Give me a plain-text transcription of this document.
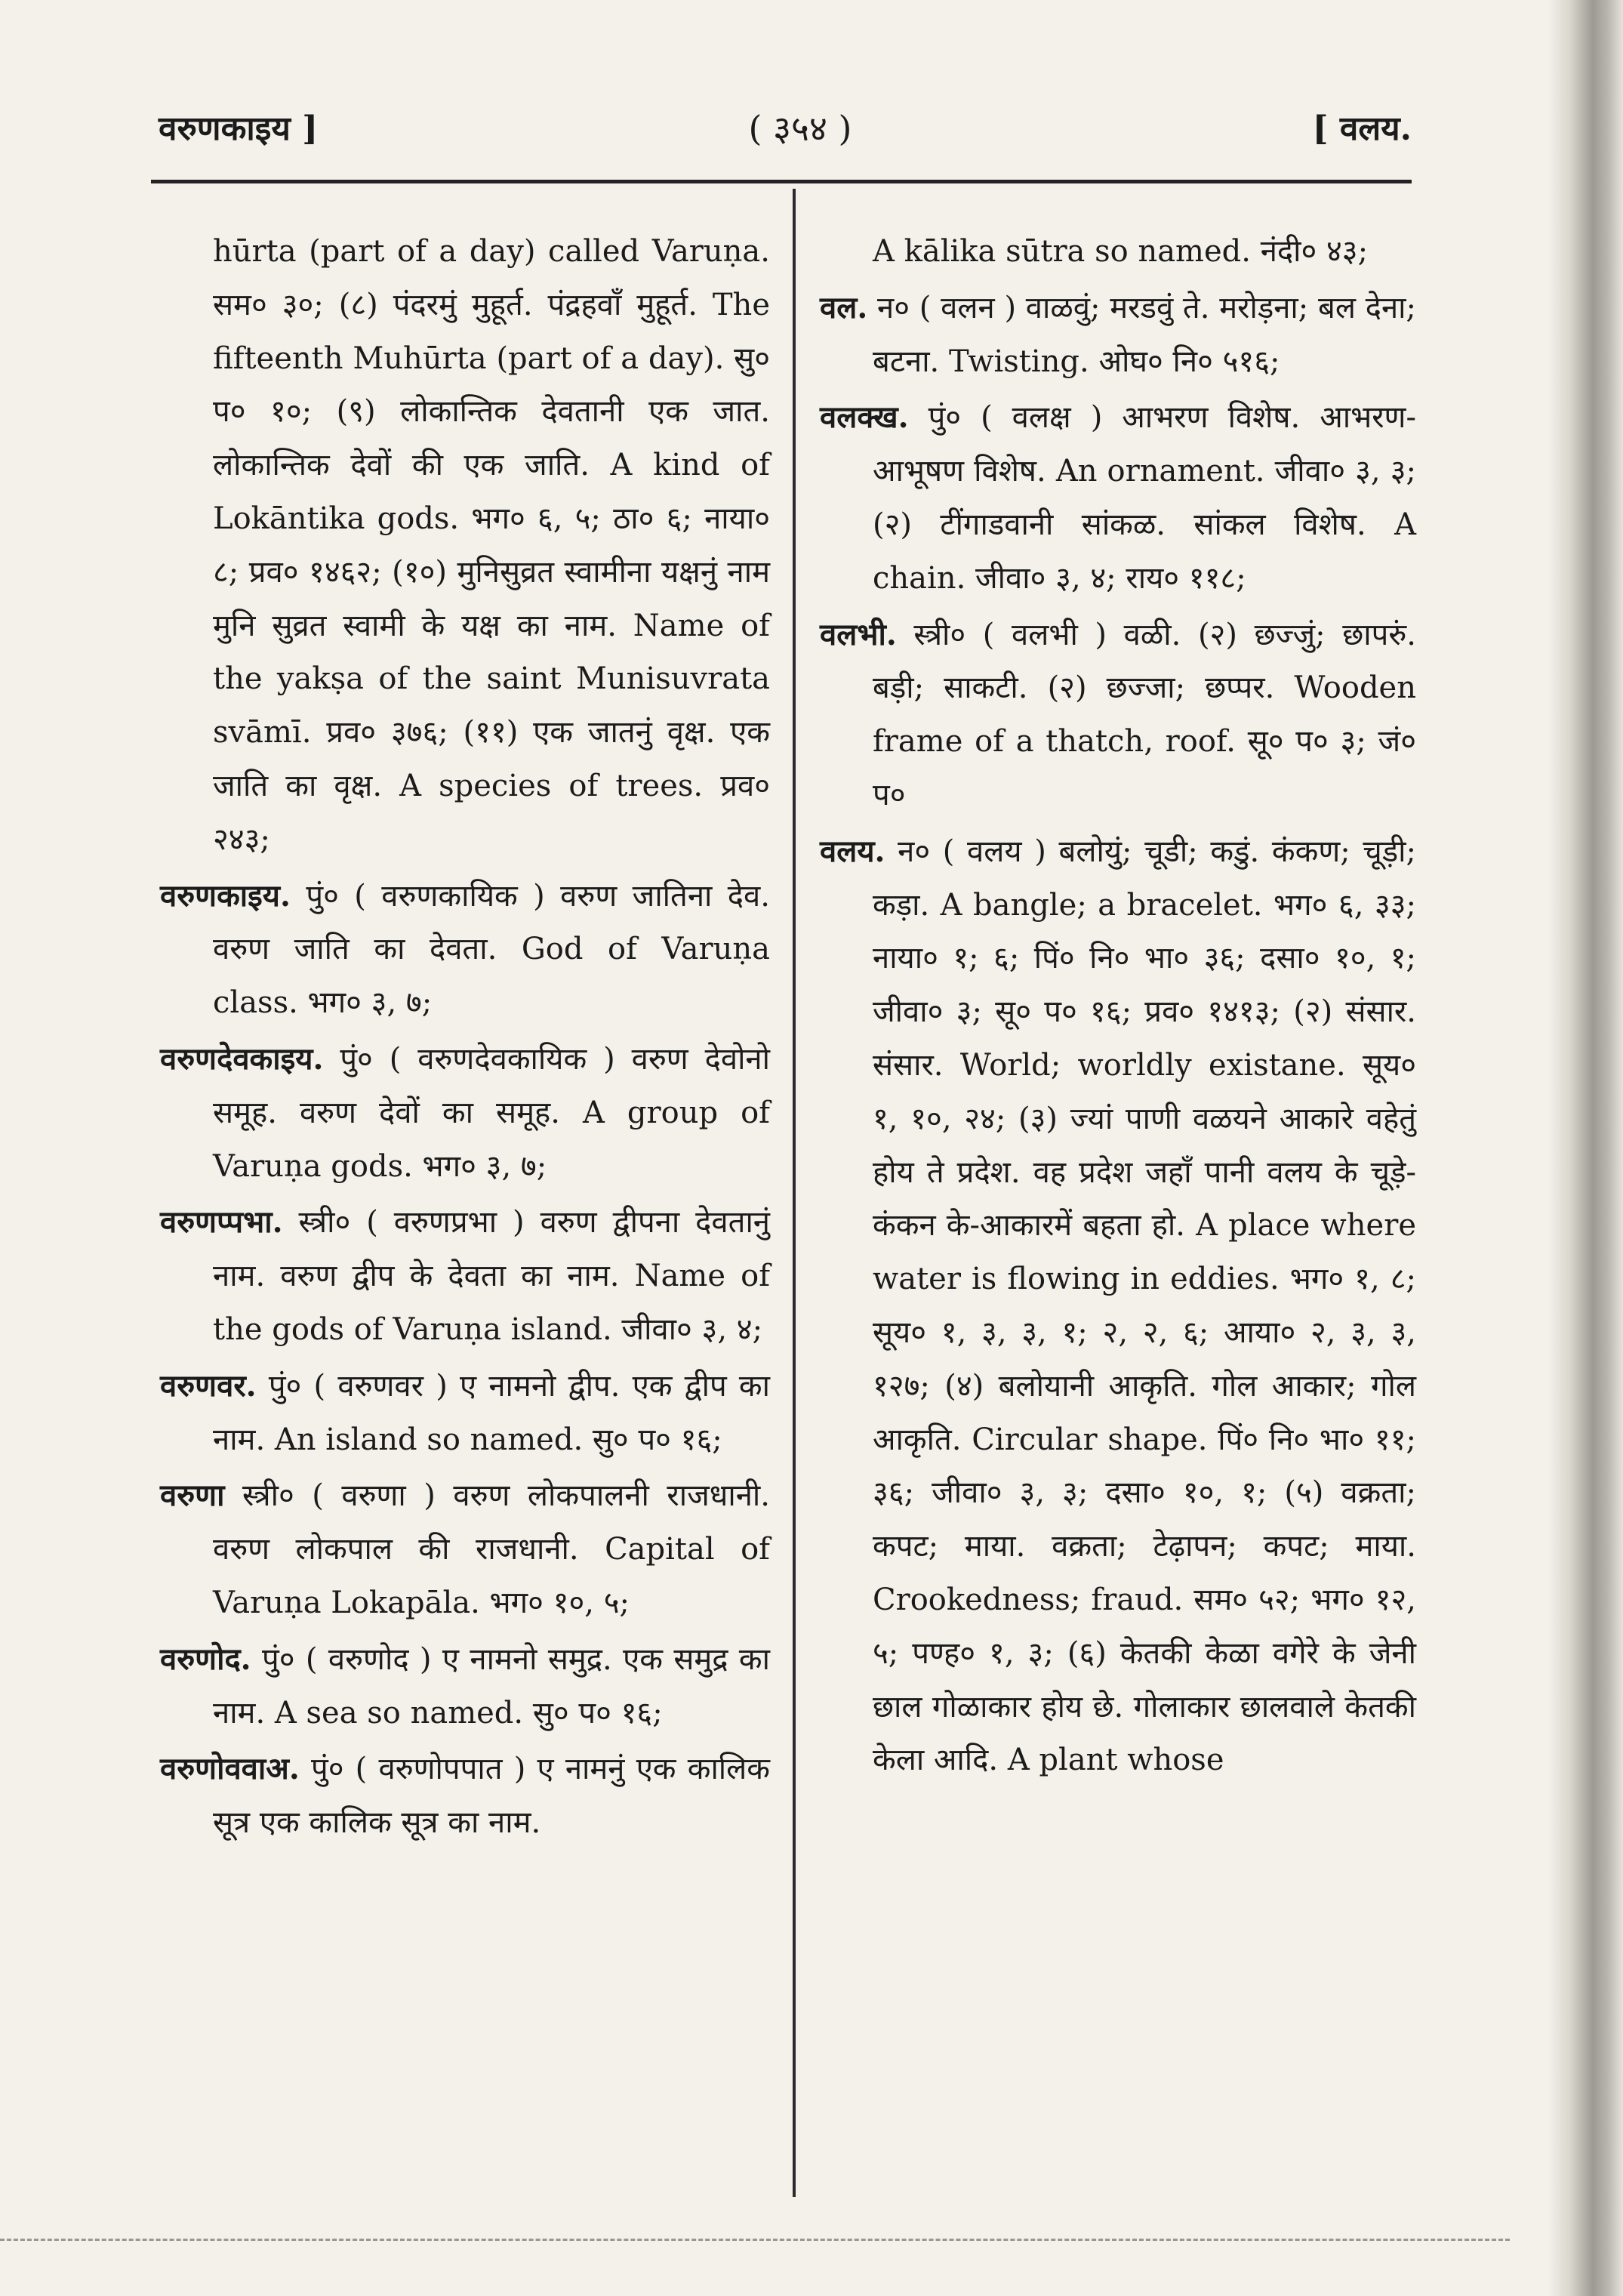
वरुणकाइय ]	( ३५४ )	[ वलय.

hūrta (part of a day) called Varuṇa. सम० ३०; (८) पंदरमुं मुहूर्त. पंद्रहवाँ मुहूर्त. The fifteenth Muhūrta (part of a day). सु० प० १०; (९) लोकान्तिक देवतानी एक जात. लोकान्तिक देवों की एक जाति. A kind of Lokāntika gods. भग० ६, ५; ठा० ६; नाया० ८; प्रव० १४६२; (१०) मुनिसुव्रत स्वामीना यक्षनुं नाम मुनि सुव्रत स्वामी के यक्ष का नाम. Name of the yakṣa of the saint Munisuvrata svāmī. प्रव० ३७६; (११) एक जातनुं वृक्ष. एक जाति का वृक्ष. A species of trees. प्रव० २४३;

वरुणकाइय. पुं० ( वरुणकायिक ) वरुण जातिना देव. वरुण जाति का देवता. God of Varuṇa class. भग० ३, ७;

वरुणदेवकाइय. पुं० ( वरुणदेवकायिक ) वरुण देवोनो समूह. वरुण देवों का समूह. A group of Varuṇa gods. भग० ३, ७;

वरुणप्पभा. स्त्री० ( वरुणप्रभा ) वरुण द्वीपना देवतानुं नाम. वरुण द्वीप के देवता का नाम. Name of the gods of Varuṇa island. जीवा० ३, ४;

वरुणवर. पुं० ( वरुणवर ) ए नामनो द्वीप. एक द्वीप का नाम. An island so named. सु० प० १६;

वरुणा स्त्री० ( वरुणा ) वरुण लोकपालनी राजधानी. वरुण लोकपाल की राजधानी. Capital of Varuṇa Lokapāla. भग० १०, ५;

वरुणोद. पुं० ( वरुणोद ) ए नामनो समुद्र. एक समुद्र का नाम. A sea so named. सु० प० १६;

वरुणोववाअ. पुं० ( वरुणोपपात ) ए नामनुं एक कालिक सूत्र एक कालिक सूत्र का नाम.

A kālika sūtra so named. नंदी० ४३;

वल. न० ( वलन ) वाळवुं; मरडवुं ते. मरोड़ना; बल देना; बटना. Twisting. ओघ० नि० ५१६;

वलक्ख. पुं० ( वलक्ष ) आभरण विशेष. आभरण-आभूषण विशेष. An ornament. जीवा० ३, ३; (२) टींगाडवानी सांकळ. सांकल विशेष. A chain. जीवा० ३, ४; राय० ११८;

वलभी. स्त्री० ( वलभी ) वळी. (२) छज्जुं; छापरुं. बड़ी; साकटी. (२) छज्जा; छप्पर. Wooden frame of a thatch, roof. सू० प० ३; जं० प०

वलय. न० ( वलय ) बलोयुं; चूडी; कडुं. कंकण; चूड़ी; कड़ा. A bangle; a bracelet. भग० ६, ३३; नाया० १; ६; पिं० नि० भा० ३६; दसा० १०, १; जीवा० ३; सू० प० १६; प्रव० १४१३; (२) संसार. संसार. World; worldly existane. सूय० १, १०, २४; (३) ज्यां पाणी वळयने आकारे वहेतुं होय ते प्रदेश. वह प्रदेश जहाँ पानी वलय के चूड़े-कंकन के-आकारमें बहता हो. A place where water is flowing in eddies. भग० १, ८; सूय० १, ३, ३, १; २, २, ६; आया० २, ३, ३, १२७; (४) बलोयानी आकृति. गोल आकार; गोल आकृति. Circular shape. पिं० नि० भा० ११; ३६; जीवा० ३, ३; दसा० १०, १; (५) वक्रता; कपट; माया. वक्रता; टेढ़ापन; कपट; माया. Crookedness; fraud. सम० ५२; भग० १२, ५; पण्ह० १, ३; (६) केतकी केळा वगेरे के जेनी छाल गोळाकार होय छे. गोलाकार छालवाले केतकी केला आदि. A plant whose
